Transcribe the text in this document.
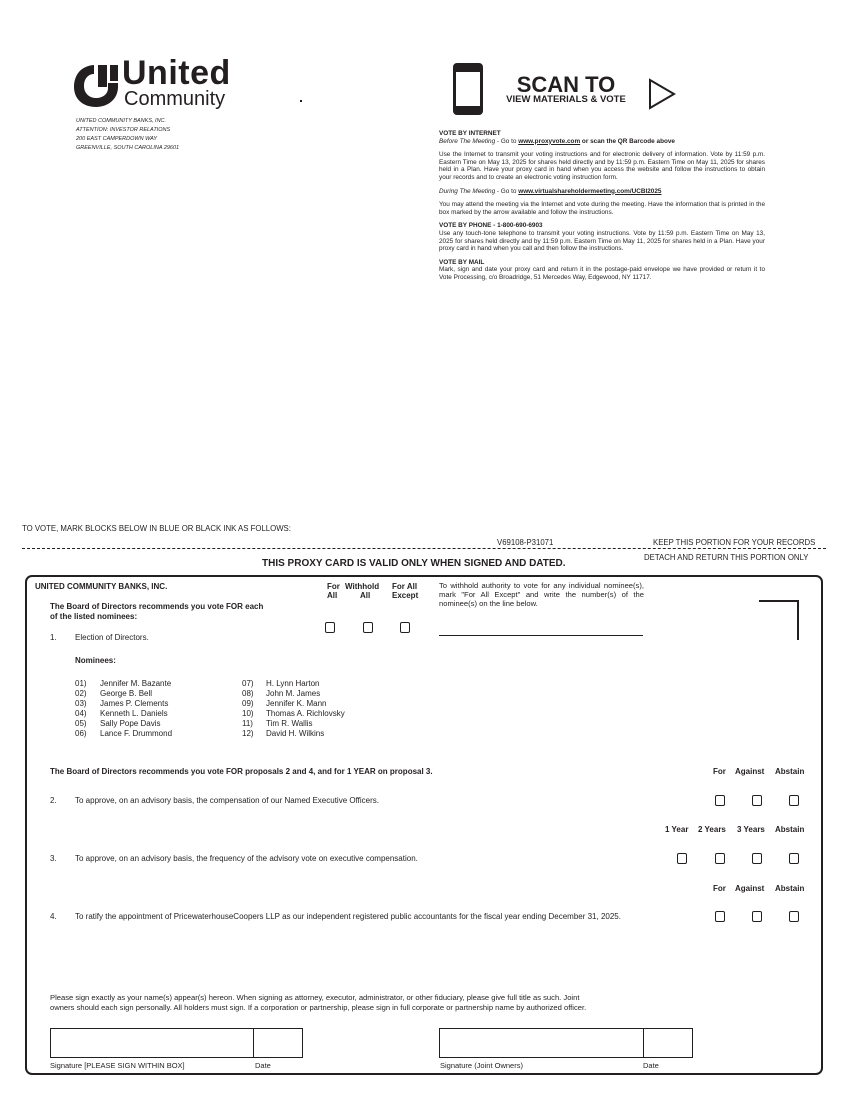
United
Community
UNITED COMMUNITY BANKS, INC.
ATTENTION: INVESTOR RELATIONS
200 EAST CAMPERDOWN WAY
GREENVILLE, SOUTH CAROLINA 29601
SCAN TO
VIEW MATERIALS & VOTE
VOTE BY INTERNET
Before The Meeting - Go to www.proxyvote.com or scan the QR Barcode above
Use the Internet to transmit your voting instructions and for electronic delivery of information. Vote by 11:59 p.m. Eastern Time on May 13, 2025 for shares held directly and by 11:59 p.m. Eastern Time on May 11, 2025 for shares held in a Plan. Have your proxy card in hand when you access the website and follow the instructions to obtain your records and to create an electronic voting instruction form.
During The Meeting - Go to www.virtualshareholdermeeting.com/UCBI2025
You may attend the meeting via the Internet and vote during the meeting. Have the information that is printed in the box marked by the arrow available and follow the instructions.
VOTE BY PHONE - 1-800-690-6903
Use any touch-tone telephone to transmit your voting instructions. Vote by 11:59 p.m. Eastern Time on May 13, 2025 for shares held directly and by 11:59 p.m. Eastern Time on May 11, 2025 for shares held in a Plan. Have your proxy card in hand when you call and then follow the instructions.
VOTE BY MAIL
Mark, sign and date your proxy card and return it in the postage-paid envelope we have provided or return it to Vote Processing, c/o Broadridge, 51 Mercedes Way, Edgewood, NY 11717.
TO VOTE, MARK BLOCKS BELOW IN BLUE OR BLACK INK AS FOLLOWS:
V69108-P31071	KEEP THIS PORTION FOR YOUR RECORDS
DETACH AND RETURN THIS PORTION ONLY
THIS PROXY CARD IS VALID ONLY WHEN SIGNED AND DATED.
UNITED COMMUNITY BANKS, INC.
The Board of Directors recommends you vote FOR each
of the listed nominees:
For
All
Withhold
All
For All
Except
To withhold authority to vote for any individual nominee(s), mark "For All Except" and write the number(s) of the nominee(s) on the line below.
1. Election of Directors.
Nominees:
01) Jennifer M. Bazante
02) George B. Bell
03) James P. Clements
04) Kenneth L. Daniels
05) Sally Pope Davis
06) Lance F. Drummond
07) H. Lynn Harton
08) John M. James
09) Jennifer K. Mann
10) Thomas A. Richlovsky
11) Tim R. Wallis
12) David H. Wilkins
The Board of Directors recommends you vote FOR proposals 2 and 4, and for 1 YEAR on proposal 3.	For Against Abstain
2. To approve, on an advisory basis, the compensation of our Named Executive Officers.
1 Year 2 Years 3 Years Abstain
3. To approve, on an advisory basis, the frequency of the advisory vote on executive compensation.
For Against Abstain
4. To ratify the appointment of PricewaterhouseCoopers LLP as our independent registered public accountants for the fiscal year ending December 31, 2025.
Please sign exactly as your name(s) appear(s) hereon. When signing as attorney, executor, administrator, or other fiduciary, please give full title as such. Joint
owners should each sign personally. All holders must sign. If a corporation or partnership, please sign in full corporate or partnership name by authorized officer.
Signature [PLEASE SIGN WITHIN BOX]	Date	Signature (Joint Owners)	Date
